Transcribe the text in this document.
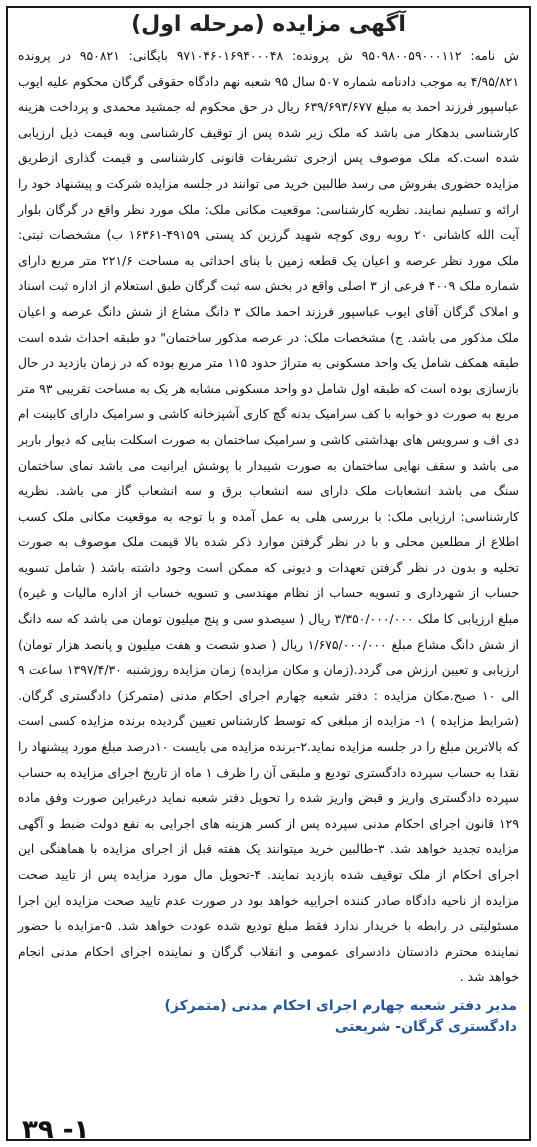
آگهی مزایده (مرحله اول)

ش نامه: ۹۵۰۹۸۰۰۵۹۰۰۰۱۱۲ ش پرونده: ۹۷۱۰۴۶۰۱۶۹۴۰۰۰۴۸ بایگانی: ۹۵۰۸۲۱ در پرونده ۴/۹۵/۸۲۱ به موجب دادنامه شماره ۵۰۷ سال ۹۵ شعبه نهم دادگاه حقوقی گرگان محکوم علیه ایوب عباسپور فرزند احمد به مبلغ ۶۳۹/۶۹۳/۶۷۷ ریال در حق محکوم له جمشید محمدی و پرداخت هزینه کارشناسی بدهکار می باشد که ملک زیر شده پس از توقیف کارشناسی وبه قیمت ذیل ارزیابی شده است.که ملک موصوف پس ازجری تشریفات قانونی کارشناسی و قیمت گذاری ازطریق مزایده حضوری بفروش می رسد طالبین خرید می توانند در جلسه مزایده شرکت و پیشنهاد خود را ارائه و تسلیم نمایند. نظریه کارشناسی: موقعیت مکانی ملک: ملک مورد نظر واقع در گرگان بلوار آیت الله کاشانی ۲۰ روبه روی کوچه شهید گرزین کد پستی ۴۹۱۵۹-۱۶۳۶۱ ب) مشخصات ثبتی: ملک مورد نظر عرصه و اعیان یک قطعه زمین با بنای احداثی به مساحت ۲۲۱/۶ متر مربع دارای شماره ملک ۴۰۰۹ فرعی از ۳ اصلی واقع در بخش سه ثبت گرگان طبق استعلام از اداره ثبت اسناد و املاک گرگان آقای ایوب عباسپور فرزند احمد مالک ۳ دانگ مشاع از شش دانگ عرصه و اعیان ملک مذکور می باشد. ج) مشخصات ملک: در عرصه مذکور ساختمان" دو طبقه احداث شده است طبقه همکف شامل یک واحد مسکونی به متراژ حدود ۱۱۵ متر مربع بوده که در زمان بازدید در حال بازسازی بوده است که طبقه اول شامل دو واحد مسکونی مشابه هر یک به مساحت تقریبی ۹۳ متر مربع به صورت دو خوابه با کف سرامیک بدنه گچ کاری آشپزخانه کاشی و سرامیک دارای کابینت ام دی اف و سرویس های بهداشتی کاشی و سرامیک ساختمان به صورت اسکلت بنایی که دیوار باربر می باشد و سقف نهایی ساختمان به صورت شیبدار با پوشش ایرانیت می باشد نمای ساختمان سنگ می باشد انشعابات ملک دارای سه انشعاب برق و سه انشعاب گاز می باشد. نظریه کارشناسی: ارزیابی ملک: با بررسی هلی به عمل آمده و با توجه به موقعیت مکانی ملک کسب اطلاع از مطلعین محلی و با در نظر گرفتن موارد ذکر شده بالا قیمت ملک موصوف به صورت تخلیه و بدون در نظر گرفتن تعهدات و دیونی که ممکن است وجود داشته باشد ( شامل تسویه حساب از شهرداری و تسویه حساب از نظام مهندسی و تسویه خساب از اداره مالیات و غیره) مبلغ ارزیابی کا ملک ۳/۳۵۰/۰۰۰/۰۰۰ ریال ( سیصدو سی و پنج میلیون تومان می باشد که سه دانگ از شش دانگ مشاع مبلغ ۱/۶۷۵/۰۰۰/۰۰۰ ریال ( صدو شصت و هفت میلیون و پانصد هزار تومان) ارزیابی و تعیین ارزش می گردد.(زمان و مکان مزایده) زمان مزایده روزشنبه ۱۳۹۷/۴/۳۰ ساعت ۹ الی ۱۰ صبح.مکان مزایده : دفتر شعبه چهارم اجرای احکام مدنی (متمرکز) دادگستری گرگان. (شرایط مزایده ) ۱- مزایده از مبلغی که توسط کارشناس تعیین گردیده برنده مزایده کسی است که بالاترین مبلغ را در جلسه مزایده نماید.۲-برنده مزایده می بایست ۱۰درصد مبلغ مورد پیشنهاد را نقدا به حساب سپرده دادگستری تودیع و ملبقی آن را ظرف ۱ ماه از تاریخ اجرای مزایده به حساب سپرده دادگستری واریز و قبض واریز شده را تحویل دفتر شعبه نماید درغیراین صورت وفق ماده ۱۲۹ قانون اجرای احکام مدنی سپرده پس از کسر هزینه های اجرایی به نفع دولت ضبط و آگهی مزایده تجدید خواهد شد. ۳-طالبین خرید میتوانند یک هفته قبل از اجرای مزایده با هماهنگی این اجرای احکام از ملک توقیف شده بازدید نمایند. ۴-تحویل مال مورد مزایده پس از تایید صحت مزایده از ناحیه دادگاه صادر کننده اجراییه خواهد بود در صورت عدم تایید صحت مزایده این اجرا مسئولیتی در رابطه با خریدار ندارد فقط مبلغ تودیع شده عودت خواهد شد. ۵-مزایده با حضور نماینده محترم دادستان دادسرای عمومی و انقلاب گرگان و نماینده اجرای احکام مدنی انجام خواهد شد .

مدیر دفتر شعبه چهارم اجرای احکام مدنی (متمرکز)
دادگستری گرگان- شریعتی
۱- ۳۹
